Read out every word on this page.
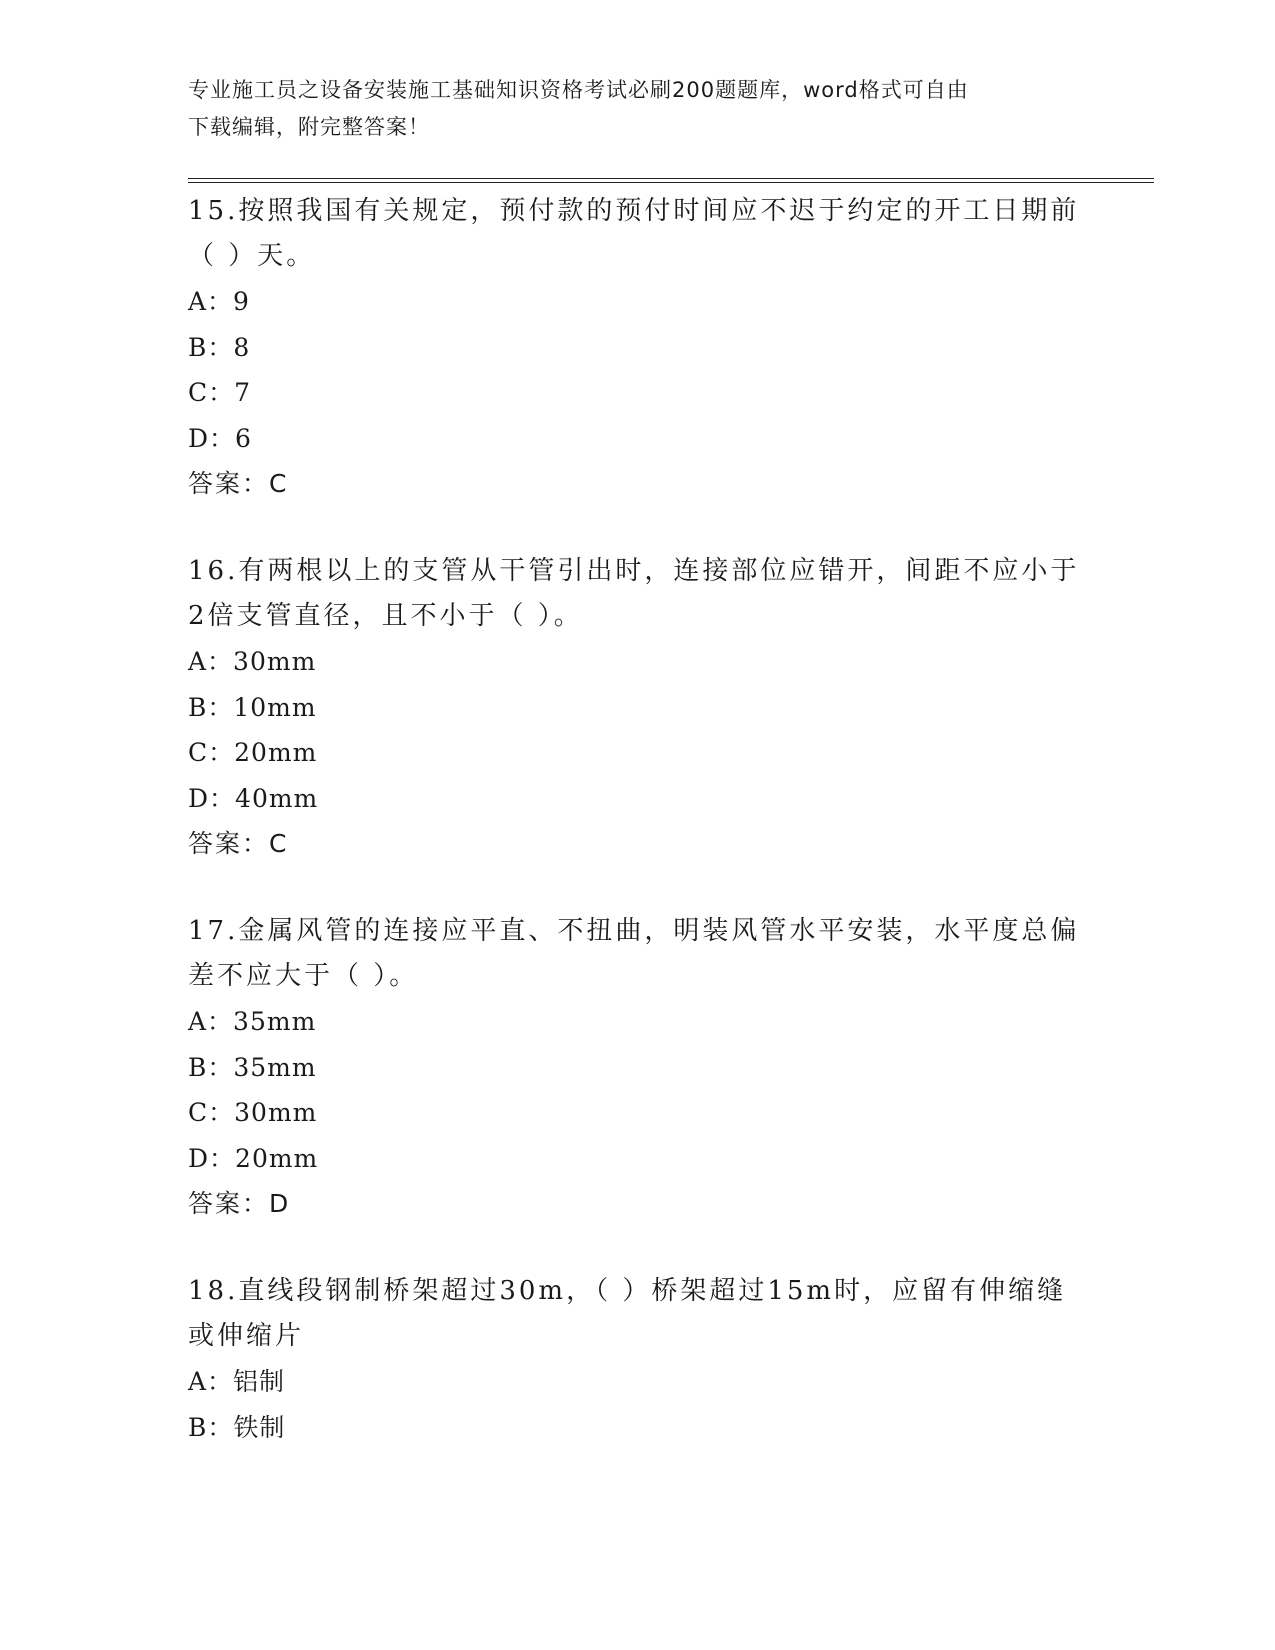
专业施工员之设备安装施工基础知识资格考试必刷200题题库，word格式可自由
下载编辑，附完整答案！

15.按照我国有关规定，预付款的预付时间应不迟于约定的开工日期前（ ）天。

A：9

B：8

C：7

D：6

答案：C

16.有两根以上的支管从干管引出时，连接部位应错开，间距不应小于2倍支管直径，且不小于（ ）。

A：30mm

B：10mm

C：20mm

D：40mm

答案：C

17.金属风管的连接应平直、不扭曲，明装风管水平安装，水平度总偏差不应大于（ ）。

A：35mm

B：35mm

C：30mm

D：20mm

答案：D

18.直线段钢制桥架超过30m，（ ）桥架超过15m时，应留有伸缩缝或伸缩片

A：铝制

B：铁制
